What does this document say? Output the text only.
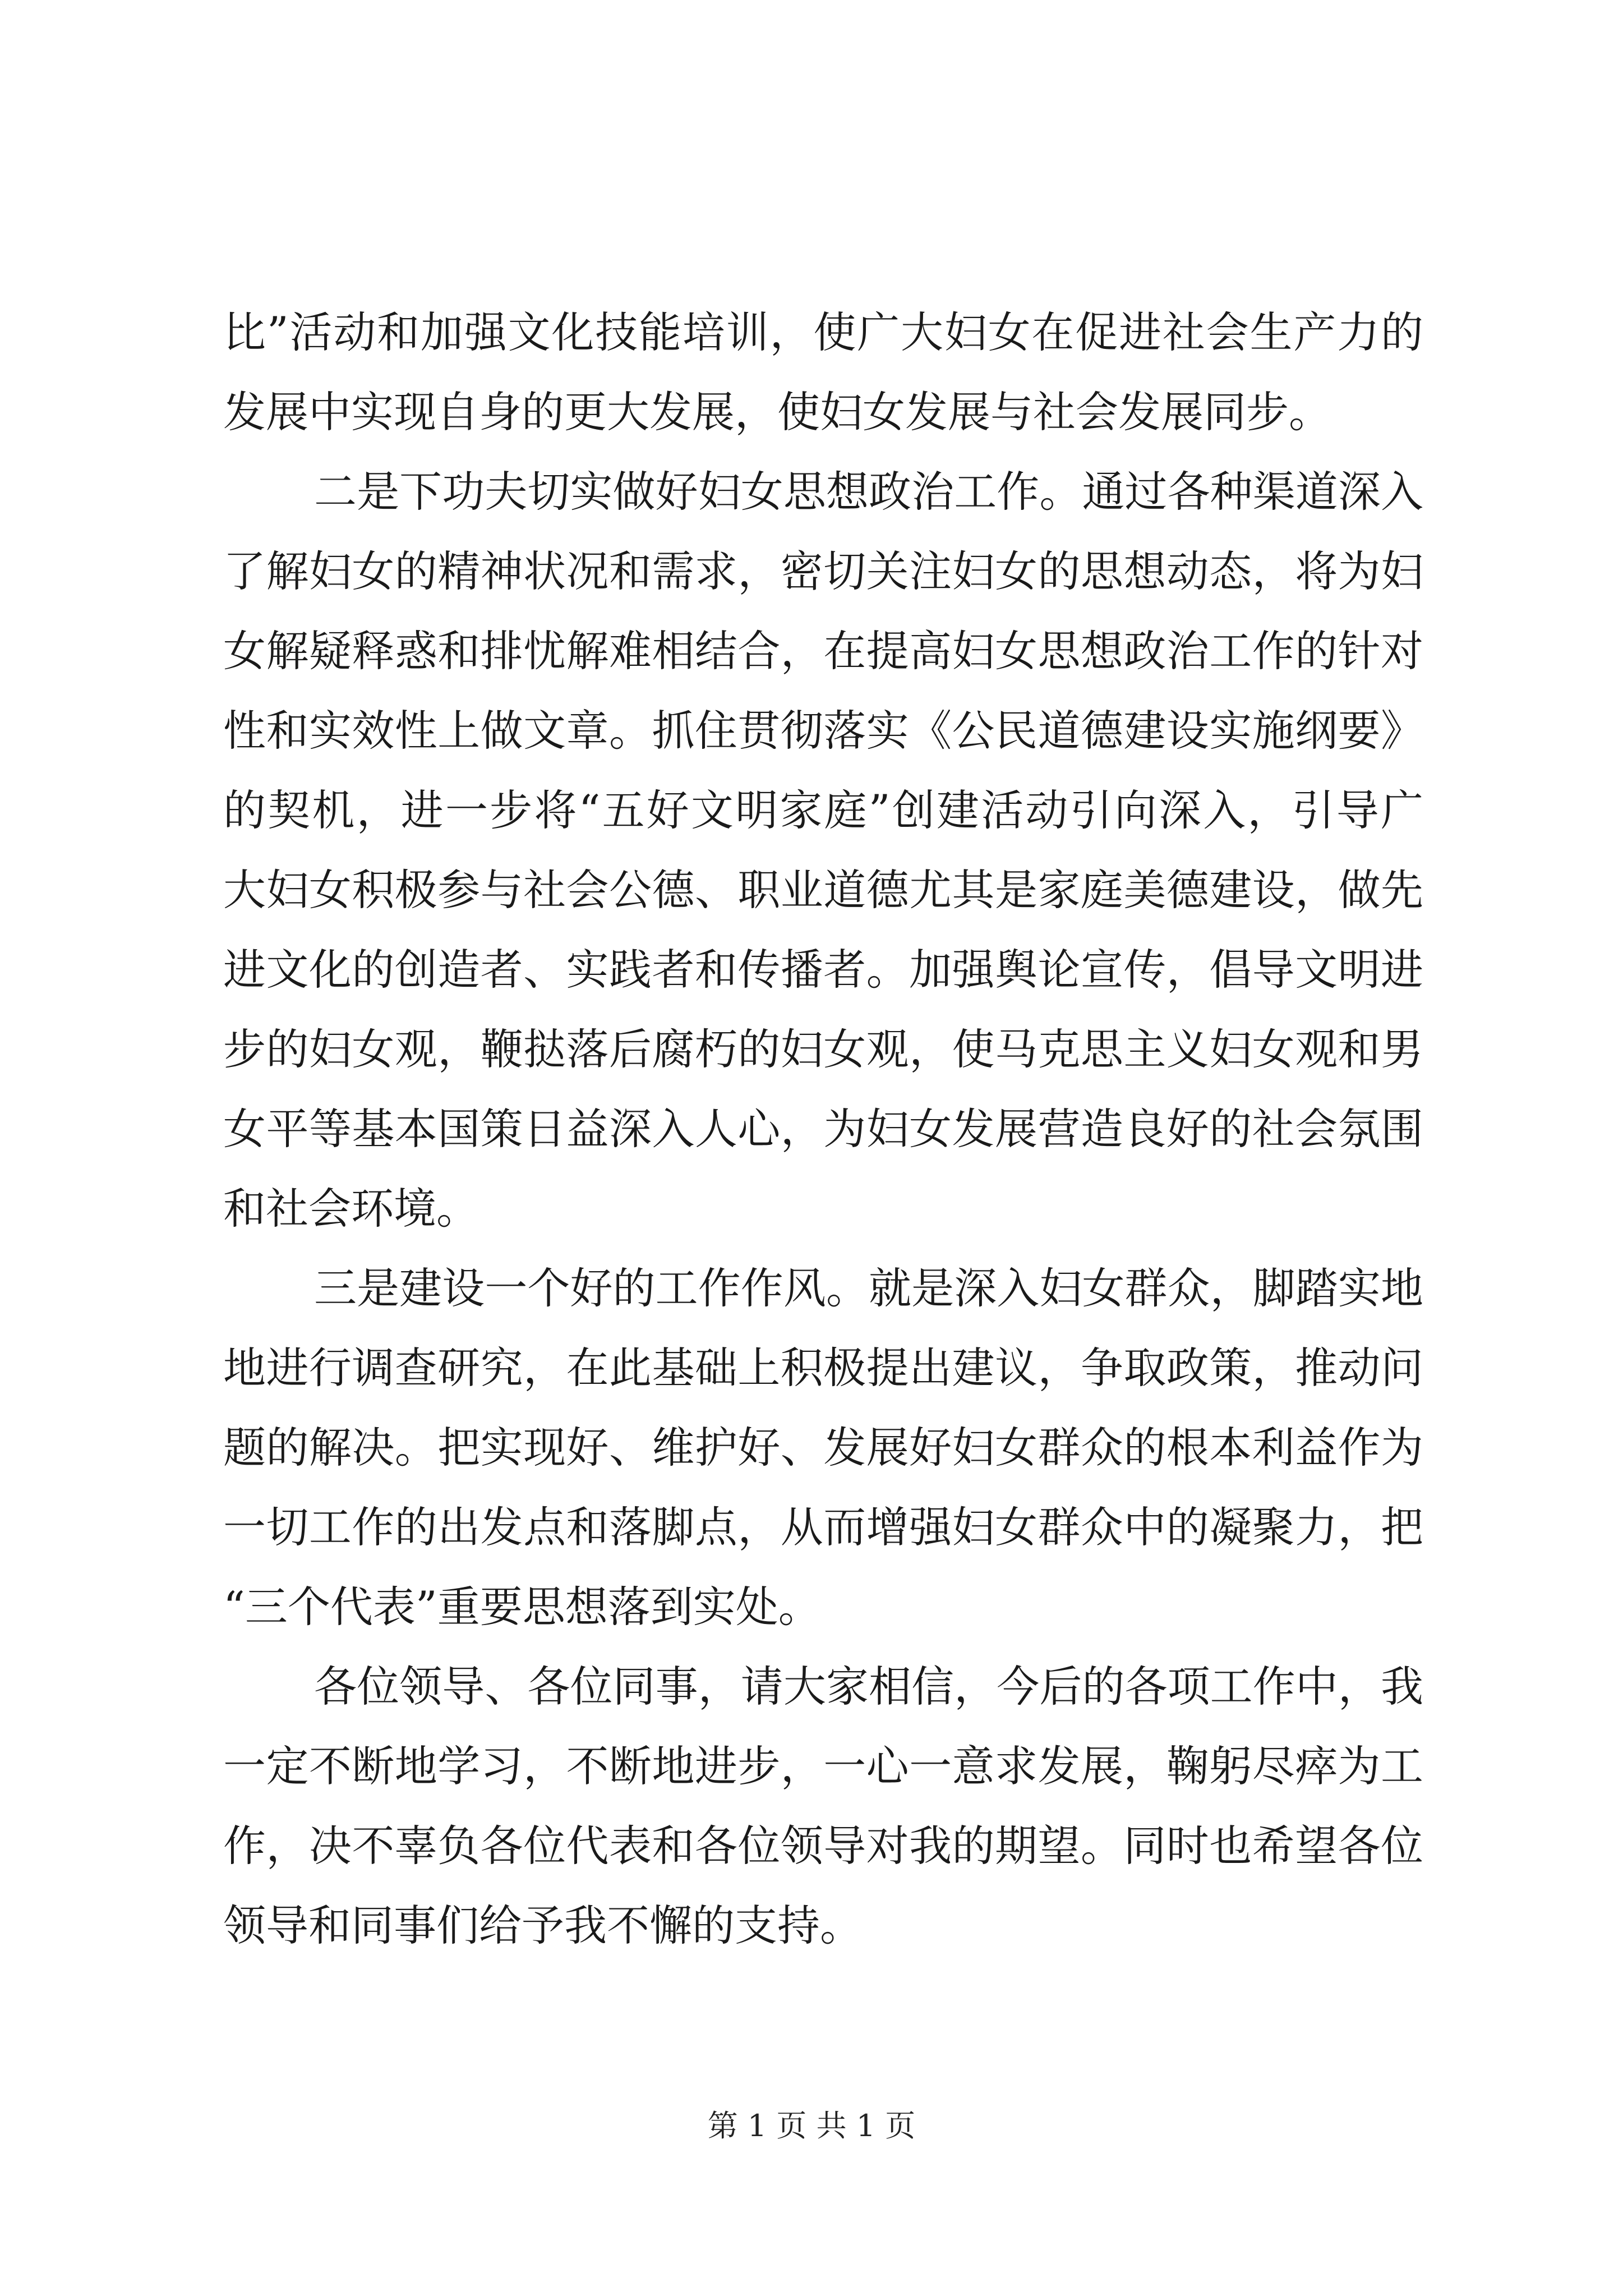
比”活动和加强文化技能培训，使广大妇女在促进社会生产力的
发展中实现自身的更大发展，使妇女发展与社会发展同步。
二是下功夫切实做好妇女思想政治工作。通过各种渠道深入
了解妇女的精神状况和需求，密切关注妇女的思想动态，将为妇
女解疑释惑和排忧解难相结合，在提高妇女思想政治工作的针对
性和实效性上做文章。抓住贯彻落实《公民道德建设实施纲要》
的契机，进一步将“五好文明家庭”创建活动引向深入，引导广
大妇女积极参与社会公德、职业道德尤其是家庭美德建设，做先
进文化的创造者、实践者和传播者。加强舆论宣传，倡导文明进
步的妇女观，鞭挞落后腐朽的妇女观，使马克思主义妇女观和男
女平等基本国策日益深入人心，为妇女发展营造良好的社会氛围
和社会环境。
三是建设一个好的工作作风。就是深入妇女群众，脚踏实地
地进行调查研究，在此基础上积极提出建议，争取政策，推动问
题的解决。把实现好、维护好、发展好妇女群众的根本利益作为
一切工作的出发点和落脚点，从而增强妇女群众中的凝聚力，把
“三个代表”重要思想落到实处。
各位领导、各位同事，请大家相信，今后的各项工作中，我
一定不断地学习，不断地进步，一心一意求发展，鞠躬尽瘁为工
作，决不辜负各位代表和各位领导对我的期望。同时也希望各位
领导和同事们给予我不懈的支持。
第 1 页 共 1 页
